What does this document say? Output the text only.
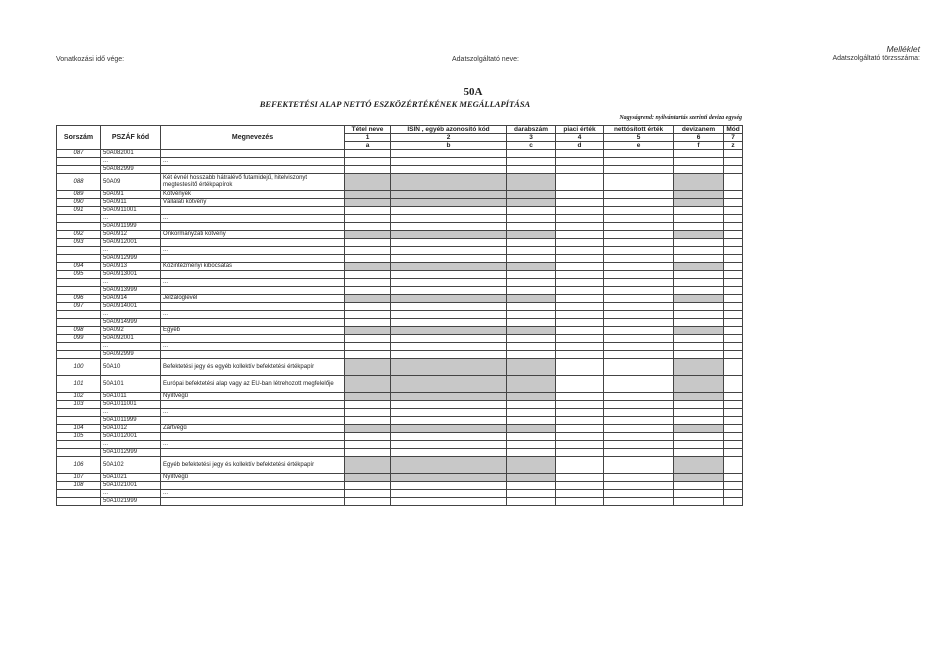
Vonatkozási idő vége:	Adatszolgáltató neve:
Melléklet
Adatszolgáltató törzsszáma:
50A
BEFEKTETÉSI ALAP NETTÓ ESZKÖZÉRTÉKÉNEK MEGÁLLAPÍTÁSA
Nagyságrend: nyilvántartás szerinti deviza egység
Sorszám	PSZÁF kód	Megnevezés	Tétel neve	ISIN , egyéb azonosító kód	darabszám	piaci érték	nettósított érték	devizanem	Mód
			1	2	3	4	5	6	7
			a	b	c	d	e	f	z
087	50A082001								
	...	...							
	50A082999								
088	50A09	Két évnél hosszabb hátralévő futamidejű, hitelviszonyt megtestesítő értékpapírok							
089	50A091	Kötvények							
090	50A0911	Vállalati kötvény							
091	50A0911001								
	...	...							
	50A0911999								
092	50A0912	Önkormányzati kötvény							
093	50A0912001								
	...	...							
	50A0912999								
094	50A0913	Közintézményi kibocsátás							
095	50A0913001								
	...	...							
	50A0913999								
096	50A0914	Jelzáloglevél							
097	50A0914001								
	...	...							
	50A0914999								
098	50A092	Egyéb							
099	50A092001								
	...	...							
	50A092999								
100	50A10	Befektetési jegy és egyéb kollektív befektetési értékpapír							
101	50A101	Európai befektetési alap vagy az EU-ban létrehozott megfelelője							
102	50A1011	Nyíltvégű							
103	50A1011001								
	...	...							
	50A1011999								
104	50A1012	Zártvégű							
105	50A1012001								
	...	...							
	50A1012999								
106	50A102	Egyéb befektetési jegy és kollektív befektetési értékpapír							
107	50A1021	Nyíltvégű							
108	50A1021001								
	...	...							
	50A1021999								
